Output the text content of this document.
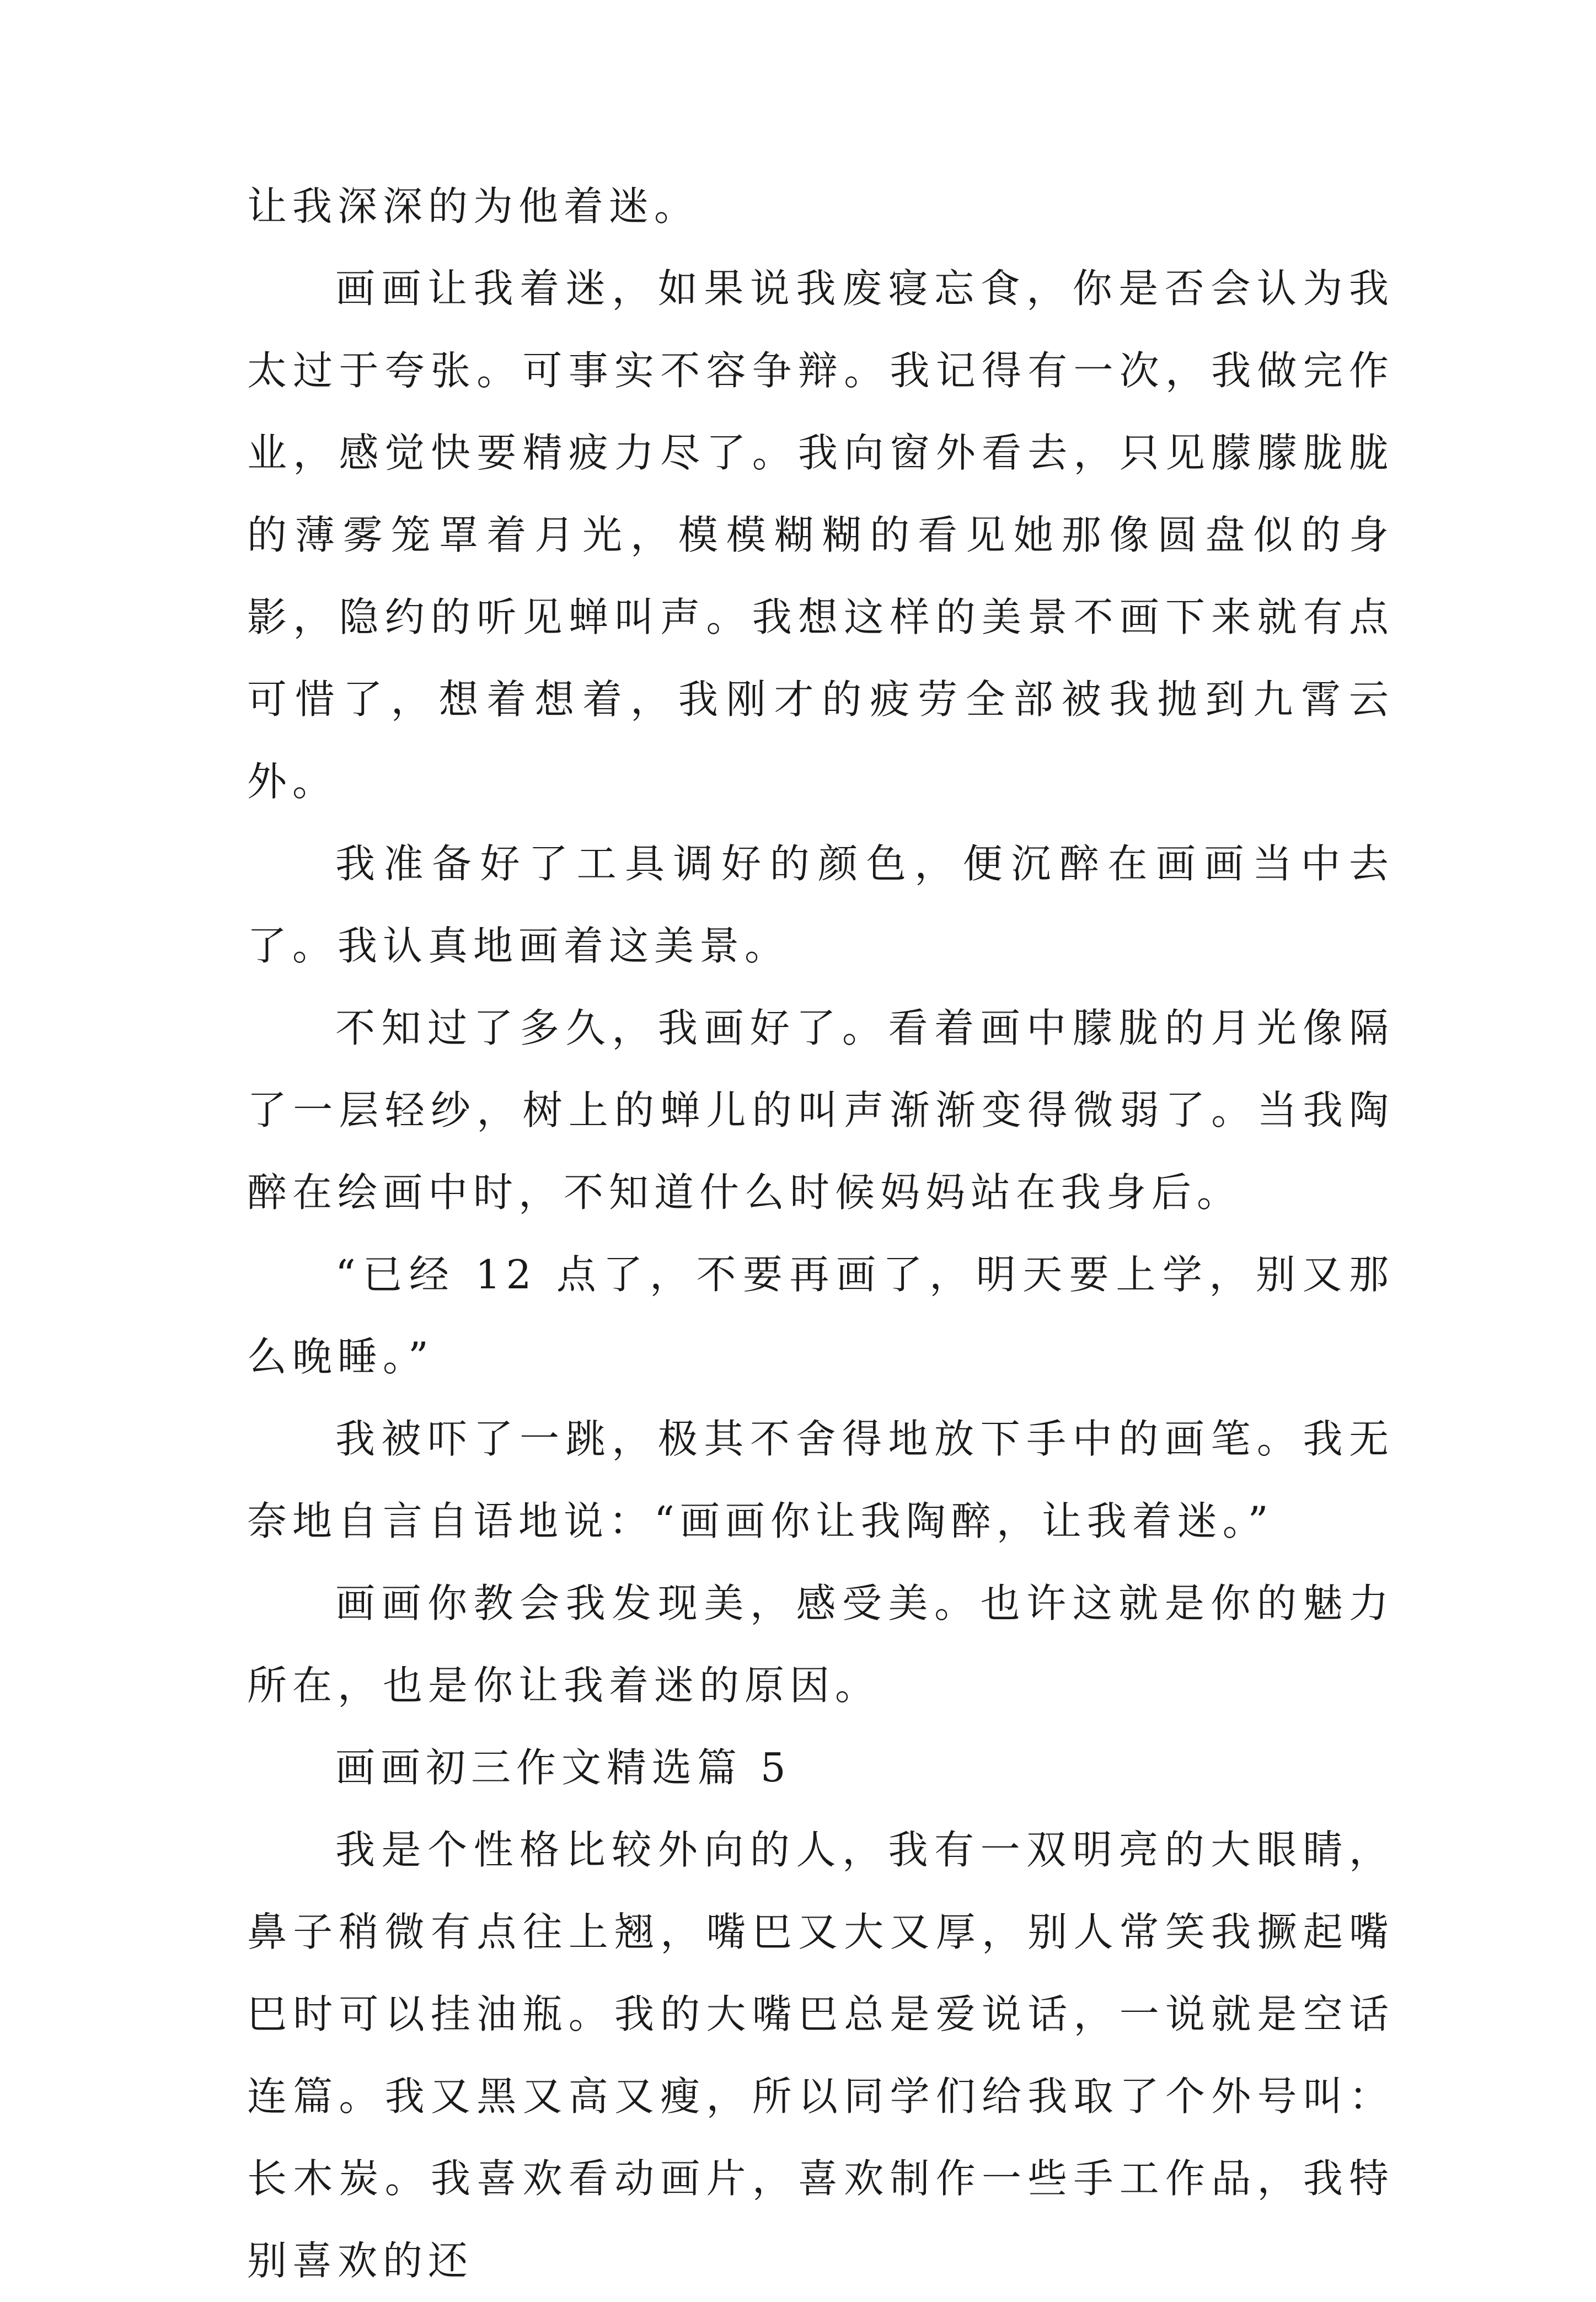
让我深深的为他着迷。

画画让我着迷，如果说我废寝忘食，你是否会认为我太过于夸张。可事实不容争辩。我记得有一次，我做完作业，感觉快要精疲力尽了。我向窗外看去，只见朦朦胧胧的薄雾笼罩着月光，模模糊糊的看见她那像圆盘似的身影，隐约的听见蝉叫声。我想这样的美景不画下来就有点可惜了，想着想着，我刚才的疲劳全部被我抛到九霄云外。

我准备好了工具调好的颜色，便沉醉在画画当中去了。我认真地画着这美景。

不知过了多久，我画好了。看着画中朦胧的月光像隔了一层轻纱，树上的蝉儿的叫声渐渐变得微弱了。当我陶醉在绘画中时，不知道什么时候妈妈站在我身后。

“已经 12 点了，不要再画了，明天要上学，别又那么晚睡。”

我被吓了一跳，极其不舍得地放下手中的画笔。我无奈地自言自语地说：“画画你让我陶醉，让我着迷。”

画画你教会我发现美，感受美。也许这就是你的魅力所在，也是你让我着迷的原因。

画画初三作文精选篇 5

我是个性格比较外向的人，我有一双明亮的大眼睛，鼻子稍微有点往上翘，嘴巴又大又厚，别人常笑我撅起嘴巴时可以挂油瓶。我的大嘴巴总是爱说话，一说就是空话连篇。我又黑又高又瘦，所以同学们给我取了个外号叫：长木炭。我喜欢看动画片，喜欢制作一些手工作品，我特别喜欢的还
